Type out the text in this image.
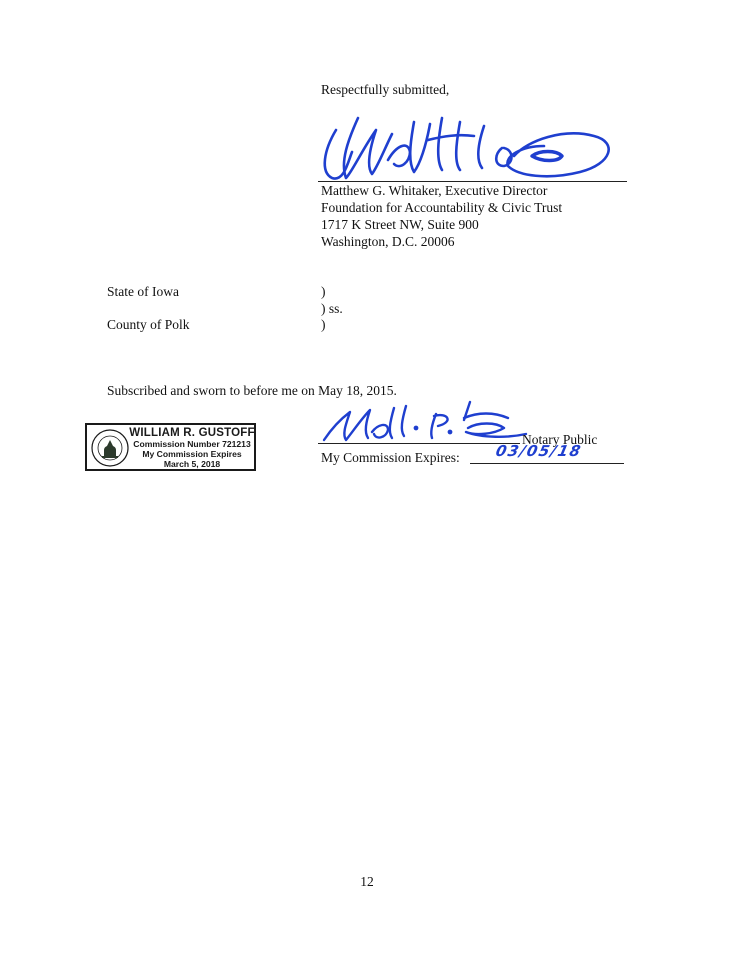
Respectfully submitted,
Matthew G. Whitaker, Executive Director
Foundation for Accountability & Civic Trust
1717 K Street NW, Suite 900
Washington, D.C. 20006
State of Iowa	)
) ss.
County of Polk	)
Subscribed and sworn to before me on May 18, 2015.
Notary Public
My Commission Expires: 03/05/18
WILLIAM R. GUSTOFF
Commission Number 721213
My Commission Expires
March 5, 2018
12
